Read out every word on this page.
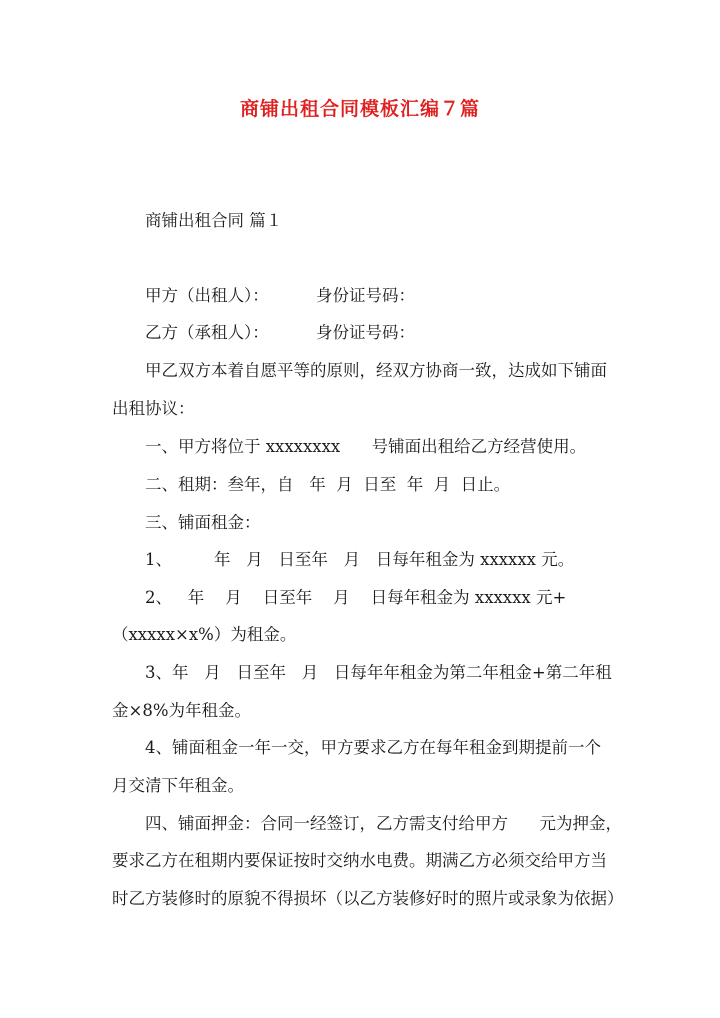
商铺出租合同模板汇编７篇
商铺出租合同 篇１
甲方（出租人）：         身份证号码：
乙方（承租人）：         身份证号码：
甲乙双方本着自愿平等的原则，经双方协商一致，达成如下铺面
出租协议：
一、甲方将位于 xxxxxxxx      号铺面出租给乙方经营使用。
二、租期：叁年，自   年  月  日至  年  月  日止。
三、铺面租金：
1、        年   月   日至年   月   日每年租金为 xxxxxx 元。
2、   年    月    日至年    月    日每年租金为 xxxxxx 元+
（xxxxx×x%）为租金。
3、年   月   日至年   月   日每年年租金为第二年租金+第二年租
金×8%为年租金。
4、铺面租金一年一交，甲方要求乙方在每年租金到期提前一个
月交清下年租金。
四、铺面押金：合同一经签订，乙方需支付给甲方      元为押金，
要求乙方在租期内要保证按时交纳水电费。期满乙方必须交给甲方当
时乙方装修时的原貌不得损坏（以乙方装修好时的照片或录象为依据）
